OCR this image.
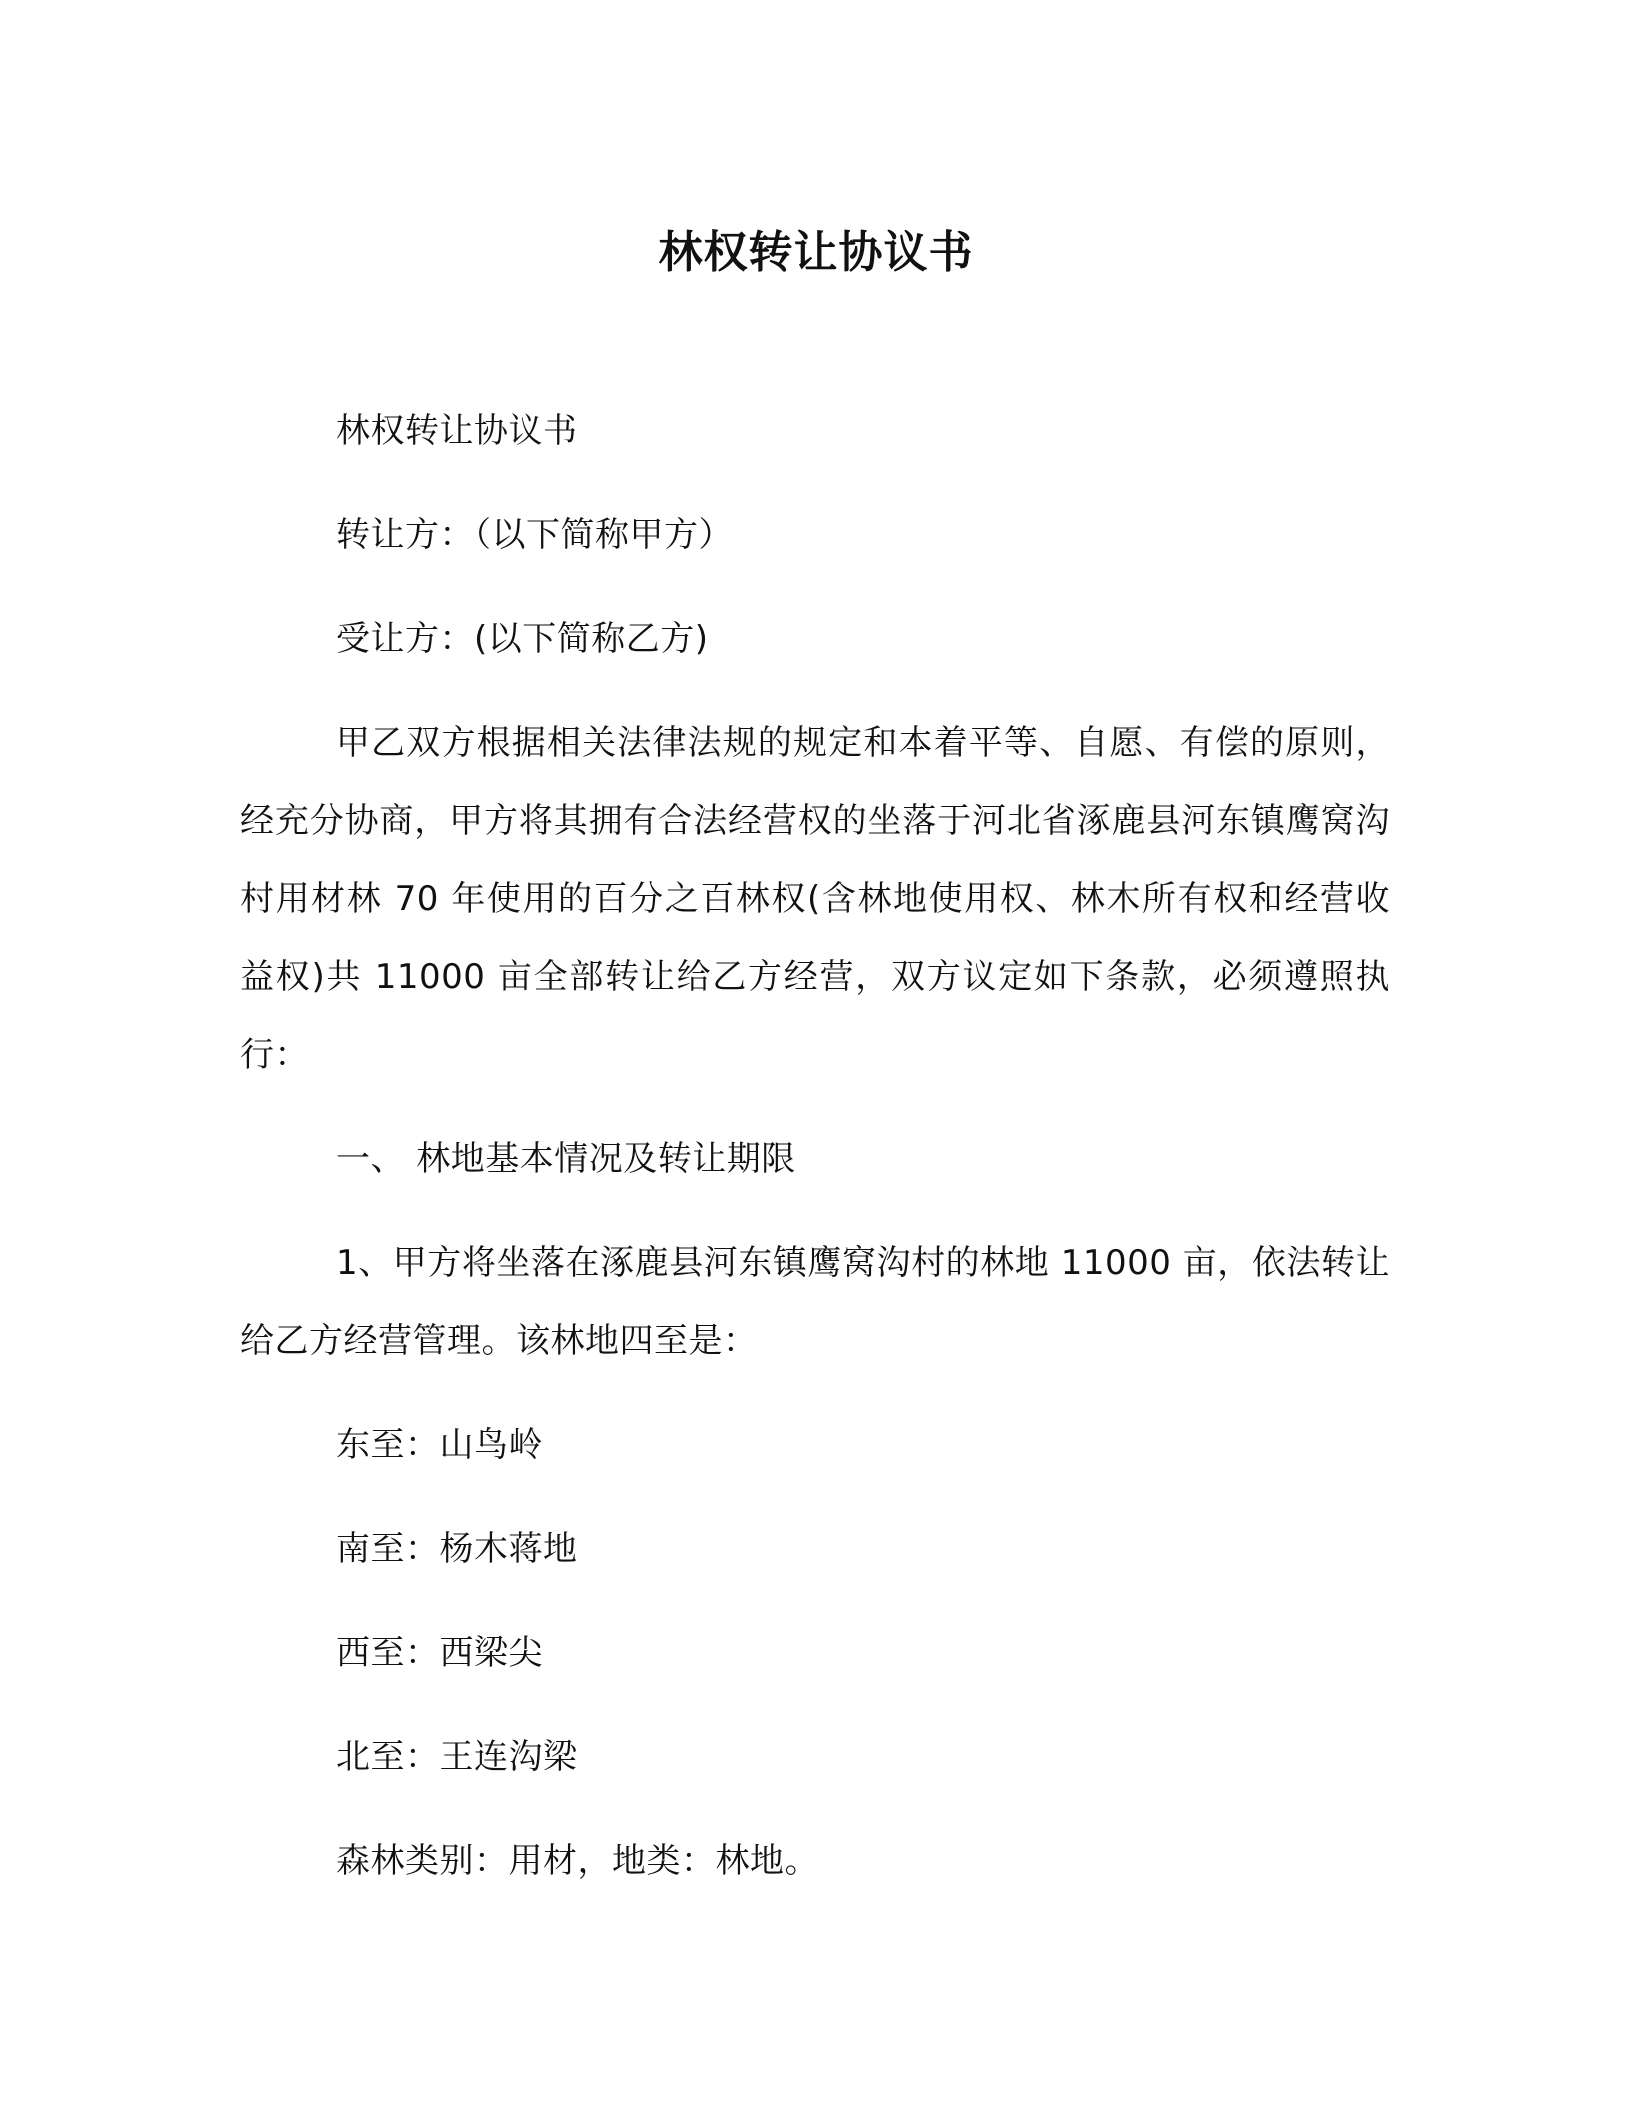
林权转让协议书

林权转让协议书

转让方：（以下简称甲方）

受让方：(以下简称乙方)

甲乙双方根据相关法律法规的规定和本着平等、自愿、有偿的原则，经充分协商，甲方将其拥有合法经营权的坐落于河北省涿鹿县河东镇鹰窝沟村用材林 70 年使用的百分之百林权(含林地使用权、林木所有权和经营收益权)共 11000 亩全部转让给乙方经营，双方议定如下条款，必须遵照执行：

一、 林地基本情况及转让期限

1、甲方将坐落在涿鹿县河东镇鹰窝沟村的林地 11000 亩，依法转让给乙方经营管理。该林地四至是：

东至：山鸟岭

南至：杨木蒋地

西至：西梁尖

北至：王连沟梁

森林类别：用材，地类：林地。
